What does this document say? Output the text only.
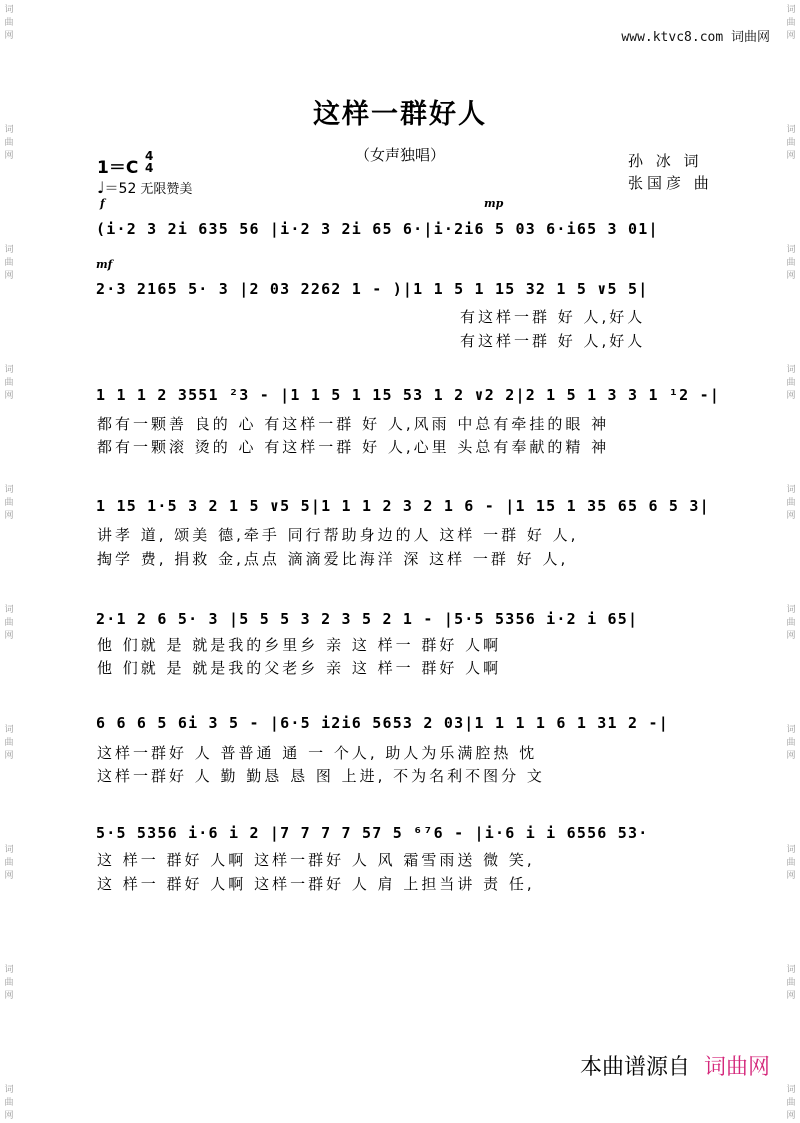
词曲网
词曲网
词曲网
词曲网
词曲网
词曲网
词曲网
词曲网
词曲网
词曲网
词曲网
词曲网
词曲网
词曲网
词曲网
词曲网
词曲网
词曲网
词曲网
词曲网
www.ktvc8.com 词曲网
这样一群好人
（女声独唱）
1＝C
4
4
♩＝52 无限赞美
孙 冰 词
张国彦 曲
f	mp
mf
(i·2 3 2i 635 56 |i·2 3 2i 65 6·|i·2i6 5 03 6·i65 3 01|
2·3 2165 5· 3 |2 03 2262 1 - )|1 1 5 1 15 32 1 5 ∨5 5|
1 1 1 2 3551 ²3 - |1 1 5 1 15 53 1 2 ∨2 2|2 1 5 1 3 3 1 ¹2 -|
1 15 1·5 3 2 1 5 ∨5 5|1 1 1 2 3 2 1 6 - |1 15 1 35 65 6 5 3|
2·1 2 6 5· 3 |5 5 5 3 2 3 5 2 1 - |5·5 5356 i·2 i 65|
6 6 6 5 6i 3 5 - |6·5 i2i6 5653 2 03|1 1 1 1 6 1 31 2 -|
5·5 5356 i·6 i 2 |7 7 7 7 57 5 ⁶⁷6 - |i·6 i i 6556 53·
有这样一群 好 人,好人
有这样一群 好 人,好人
都有一颗善 良的 心 有这样一群 好 人,风雨 中总有牵挂的眼 神
都有一颗滚 烫的 心 有这样一群 好 人,心里 头总有奉献的精 神
讲孝 道, 颂美 德,牵手 同行帮助身边的人 这样 一群 好 人,
掏学 费, 捐救 金,点点 滴滴爱比海洋 深 这样 一群 好 人,
他 们就 是 就是我的乡里乡 亲 这 样一 群好 人啊
他 们就 是 就是我的父老乡 亲 这 样一 群好 人啊
这样一群好 人 普普通 通 一 个人, 助人为乐满腔热 忱
这样一群好 人 勤 勤恳 恳 图 上进, 不为名利不图分 文
这 样一 群好 人啊 这样一群好 人 风 霜雪雨送 微 笑,
这 样一 群好 人啊 这样一群好 人 肩 上担当讲 责 任,
本曲谱源自 词曲网
